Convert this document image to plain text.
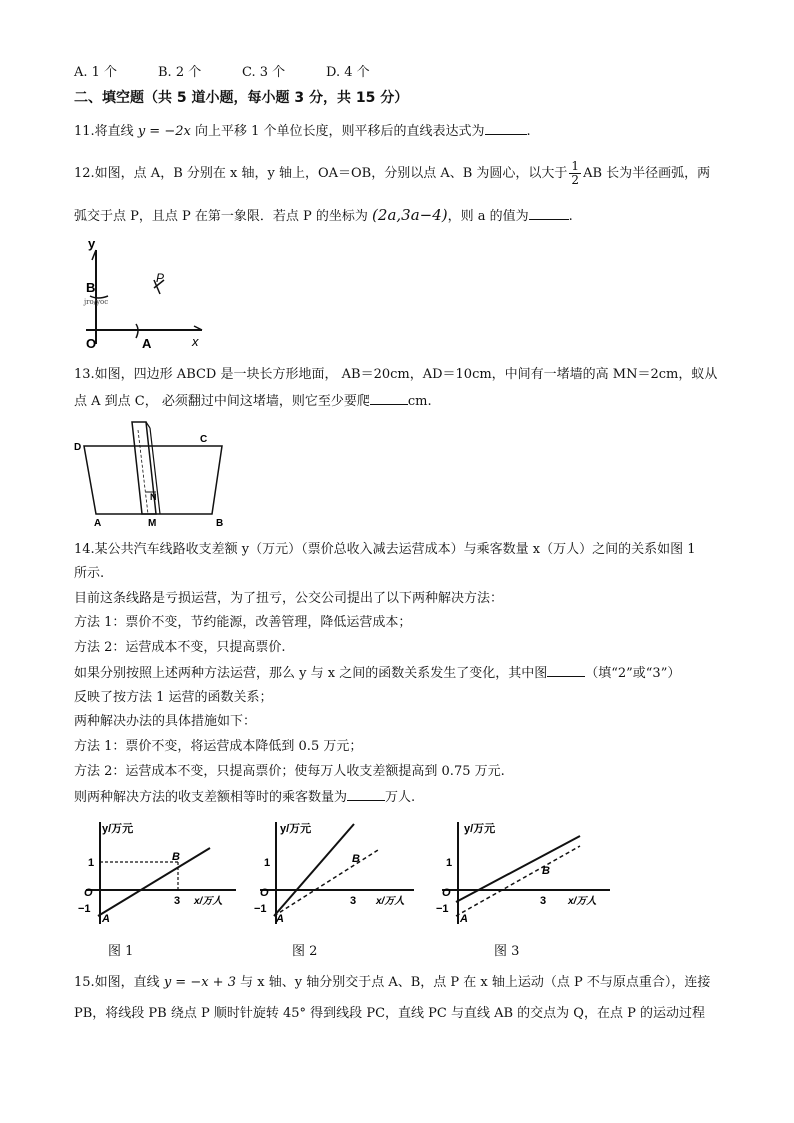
A. 1 个	B. 2 个	C. 3 个	D. 4 个
二、填空题（共 5 道小题，每小题 3 分，共 15 分）
11.将直线 y = −2x 向上平移 1 个单位长度，则平移后的直线表达式为	.
12.如图，点 A，B 分别在 x 轴，y 轴上，OA＝OB，分别以点 A、B 为圆心，以大于 $\frac{1}{2}$ AB 长为半径画弧，两
弧交于点 P，且点 P 在第一象限．若点 P 的坐标为 (2a,3a−4)，则 a 的值为	.
jro/yoc
y
x
O	A
B
P
13.如图，四边形 ABCD 是一块长方形地面， AB＝20cm，AD＝10cm，中间有一堵墙的高 MN＝2cm，蚁从
点 A 到点 C， 必须翻过中间这堵墙，则它至少要爬	cm.
D
C
A	M	B
N
14.某公共汽车线路收支差额 y（万元）（票价总收入减去运营成本）与乘客数量 x（万人）之间的关系如图 1
所示.
目前这条线路是亏损运营，为了扭亏，公交公司提出了以下两种解决方法：
方法 1：票价不变，节约能源，改善管理，降低运营成本；
方法 2：运营成本不变，只提高票价.
如果分别按照上述两种方法运营，那么 y 与 x 之间的函数关系发生了变化，其中图	（填“2”或“3”）
反映了按方法 1 运营的函数关系；
两种解决办法的具体措施如下：
方法 1：票价不变，将运营成本降低到 0.5 万元；
方法 2：运营成本不变，只提高票价；使每万人收支差额提高到 0.75 万元.
则两种解决方法的收支差额相等时的乘客数量为	万人.
y/万元
x/万人
1
3
−1
O
A
B
y/万元
x/万人
1
3
−1
O
A
B
y/万元
x/万人
1
3
−1
O
A
B
图 1	图 2	图 3
15.如图，直线 y = −x + 3 与 x 轴、y 轴分别交于点 A、B，点 P 在 x 轴上运动（点 P 不与原点重合），连接
PB，将线段 PB 绕点 P 顺时针旋转 45° 得到线段 PC，直线 PC 与直线 AB 的交点为 Q，在点 P 的运动过程
